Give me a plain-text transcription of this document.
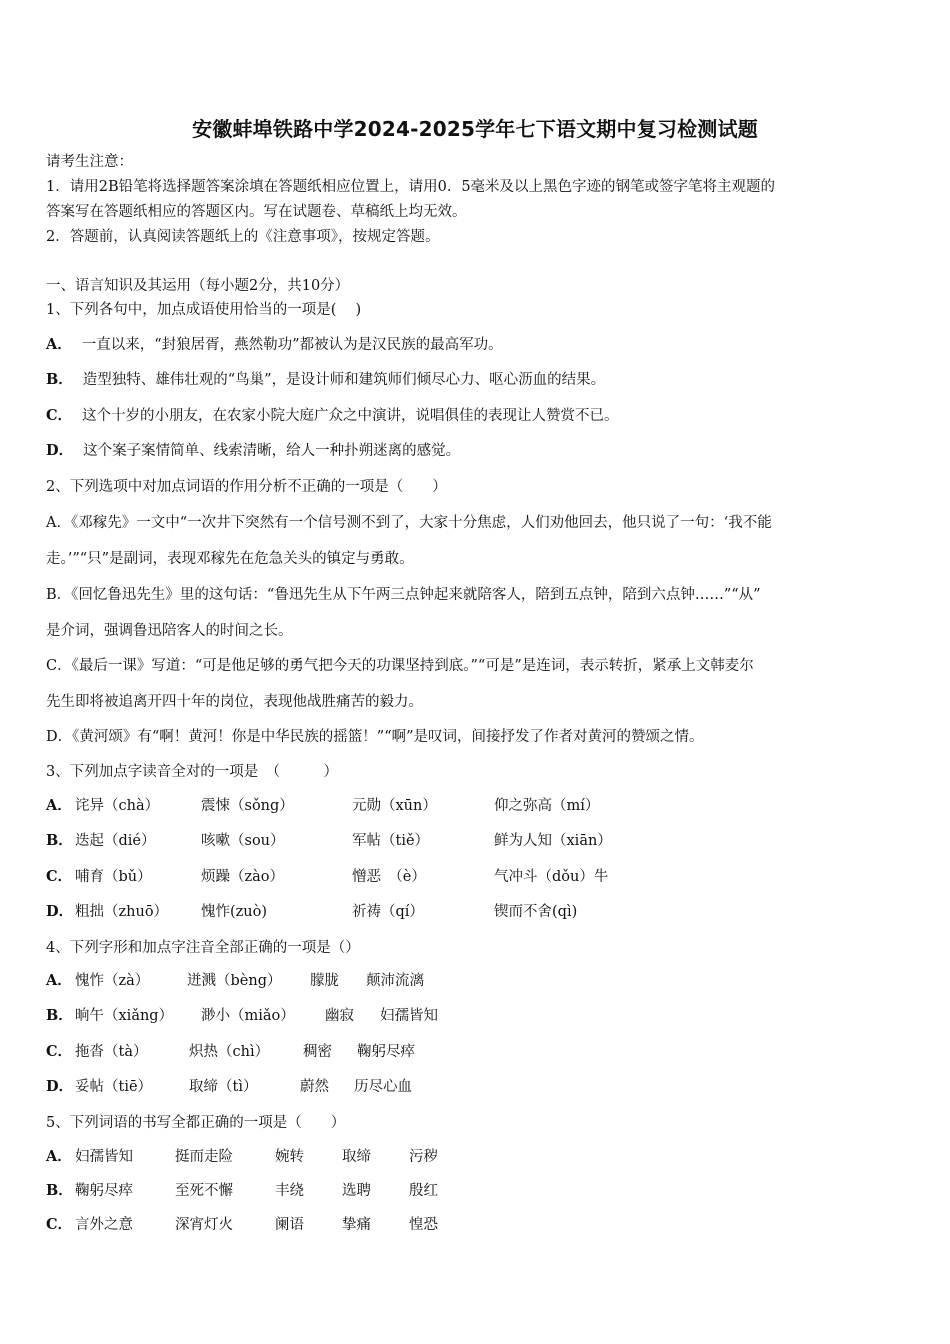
安徽蚌埠铁路中学2024-2025学年七下语文期中复习检测试题
请考生注意：
1．请用2B铅笔将选择题答案涂填在答题纸相应位置上，请用0．5毫米及以上黑色字迹的钢笔或签字笔将主观题的
答案写在答题纸相应的答题区内。写在试题卷、草稿纸上均无效。
2．答题前，认真阅读答题纸上的《注意事项》，按规定答题。
一、语言知识及其运用（每小题2分，共10分）
1、下列各句中，加点成语使用恰当的一项是(　 )
A． 一直以来，“封狼居胥，燕然勒功”都被认为是汉民族的最高军功。
B． 造型独特、雄伟壮观的“鸟巢”，是设计师和建筑师们倾尽心力、呕心沥血的结果。
C． 这个十岁的小朋友，在农家小院大庭广众之中演讲，说唱俱佳的表现让人赞赏不已。
D． 这个案子案情简单、线索清晰，给人一种扑朔迷离的感觉。
2、下列选项中对加点词语的作用分析不正确的一项是（　　）
A．《邓稼先》一文中“一次井下突然有一个信号测不到了，大家十分焦虑，人们劝他回去，他只说了一句：‘我不能
走。’”“只”是副词，表现邓稼先在危急关头的镇定与勇敢。
B．《回忆鲁迅先生》里的这句话：“鲁迅先生从下午两三点钟起来就陪客人，陪到五点钟，陪到六点钟……”“从”
是介词，强调鲁迅陪客人的时间之长。
C．《最后一课》写道：“可是他足够的勇气把今天的功课坚持到底。”“可是”是连词，表示转折，紧承上文韩麦尔
先生即将被追离开四十年的岗位，表现他战胜痛苦的毅力。
D．《黄河颂》有“啊！黄河！你是中华民族的摇篮！”“啊”是叹词，间接抒发了作者对黄河的赞颂之情。
3、下列加点字读音全对的一项是　（　　　）
A． 诧异（chà）	震悚（sǒng）	元勋（xūn）	仰之弥高（mí）
B． 迭起（dié）	咳嗽（sou）	军帖（tiě）	鲜为人知（xiān）
C． 哺育（bǔ）	烦躁（zào）	憎恶　（è）	气冲斗（dǒu）牛
D． 粗拙（zhuō） 愧怍(zuò)	祈祷（qí）	锲而不舍(qì)
4、下列字形和加点字注音全部正确的一项是（）
A． 愧怍（zà）	迸溅（bèng） 朦胧 颠沛流漓
B． 晌午（xiǎng） 渺小（miǎo） 幽寂 妇孺皆知
C． 拖沓（tà）	炽热（chì） 稠密 鞠躬尽瘁
D． 妥帖（tiē）	取缔（tì）	蔚然 历尽心血
5、下列词语的书写全都正确的一项是（　　）
A． 妇孺皆知	挺而走险	婉转	取缔	污秽
B． 鞠躬尽瘁	至死不懈	丰绕	选聘	殷红
C． 言外之意	深宵灯火	阑语	挚痛	惶恐
